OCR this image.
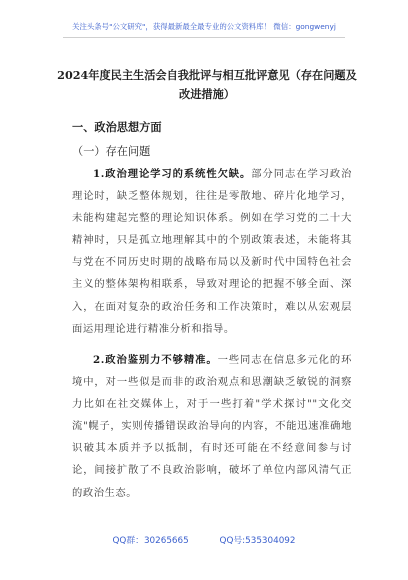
关注头条号"公文研究"，获得最新最全最专业的公文资料库！ 微信：gongwenyj
2024年度民主生活会自我批评与相互批评意见（存在问题及改进措施）
一、政治思想方面
（一）存在问题
1.政治理论学习的系统性欠缺。部分同志在学习政治理论时，缺乏整体规划，往往是零散地、碎片化地学习，未能构建起完整的理论知识体系。例如在学习党的二十大精神时，只是孤立地理解其中的个别政策表述，未能将其与党在不同历史时期的战略布局以及新时代中国特色社会主义的整体架构相联系，导致对理论的把握不够全面、深入，在面对复杂的政治任务和工作决策时，难以从宏观层面运用理论进行精准分析和指导。
2.政治鉴别力不够精准。一些同志在信息多元化的环境中，对一些似是而非的政治观点和思潮缺乏敏锐的洞察力比如在社交媒体上，对于一些打着"学术探讨""文化交流"幌子，实则传播错误政治导向的内容，不能迅速准确地识破其本质并予以抵制，有时还可能在不经意间参与讨论，间接扩散了不良政治影响，破坏了单位内部风清气正的政治生态。
QQ群：30265665	QQ号:535304092
